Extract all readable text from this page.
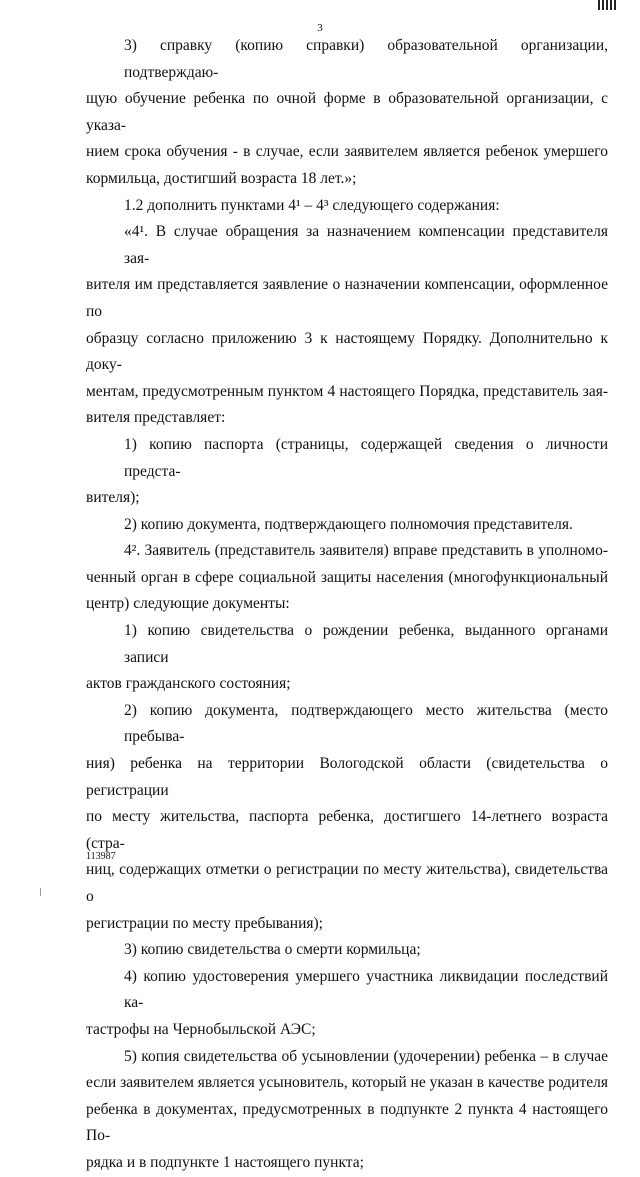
3

3) справку (копию справки) образовательной организации, подтверждаю-
щую обучение ребенка по очной форме в образовательной организации, с указа-
нием срока обучения - в случае, если заявителем является ребенок умершего
кормильца, достигший возраста 18 лет.»;

1.2 дополнить пунктами 4¹ – 4³ следующего содержания:

«4¹. В случае обращения за назначением компенсации представителя зая-
вителя им представляется заявление о назначении компенсации, оформленное по
образцу согласно приложению 3 к настоящему Порядку. Дополнительно к доку-
ментам, предусмотренным пунктом 4 настоящего Порядка, представитель зая-
вителя представляет:

1) копию паспорта (страницы, содержащей сведения о личности предста-
вителя);

2) копию документа, подтверждающего полномочия представителя.

4². Заявитель (представитель заявителя) вправе представить в уполномо-
ченный орган в сфере социальной защиты населения (многофункциональный
центр) следующие документы:

1) копию свидетельства о рождении ребенка, выданного органами записи
актов гражданского состояния;

2) копию документа, подтверждающего место жительства (место пребыва-
ния) ребенка на территории Вологодской области (свидетельства о регистрации
по месту жительства, паспорта ребенка, достигшего 14-летнего возраста (стра-
ниц, содержащих отметки о регистрации по месту жительства), свидетельства о
регистрации по месту пребывания);

3) копию свидетельства о смерти кормильца;

4) копию удостоверения умершего участника ликвидации последствий ка-
тастрофы на Чернобыльской АЭС;

5) копия свидетельства об усыновлении (удочерении) ребенка – в случае
если заявителем является усыновитель, который не указан в качестве родителя
ребенка в документах, предусмотренных в подпункте 2 пункта 4 настоящего По-
рядка и в подпункте 1 настоящего пункта;

113987
